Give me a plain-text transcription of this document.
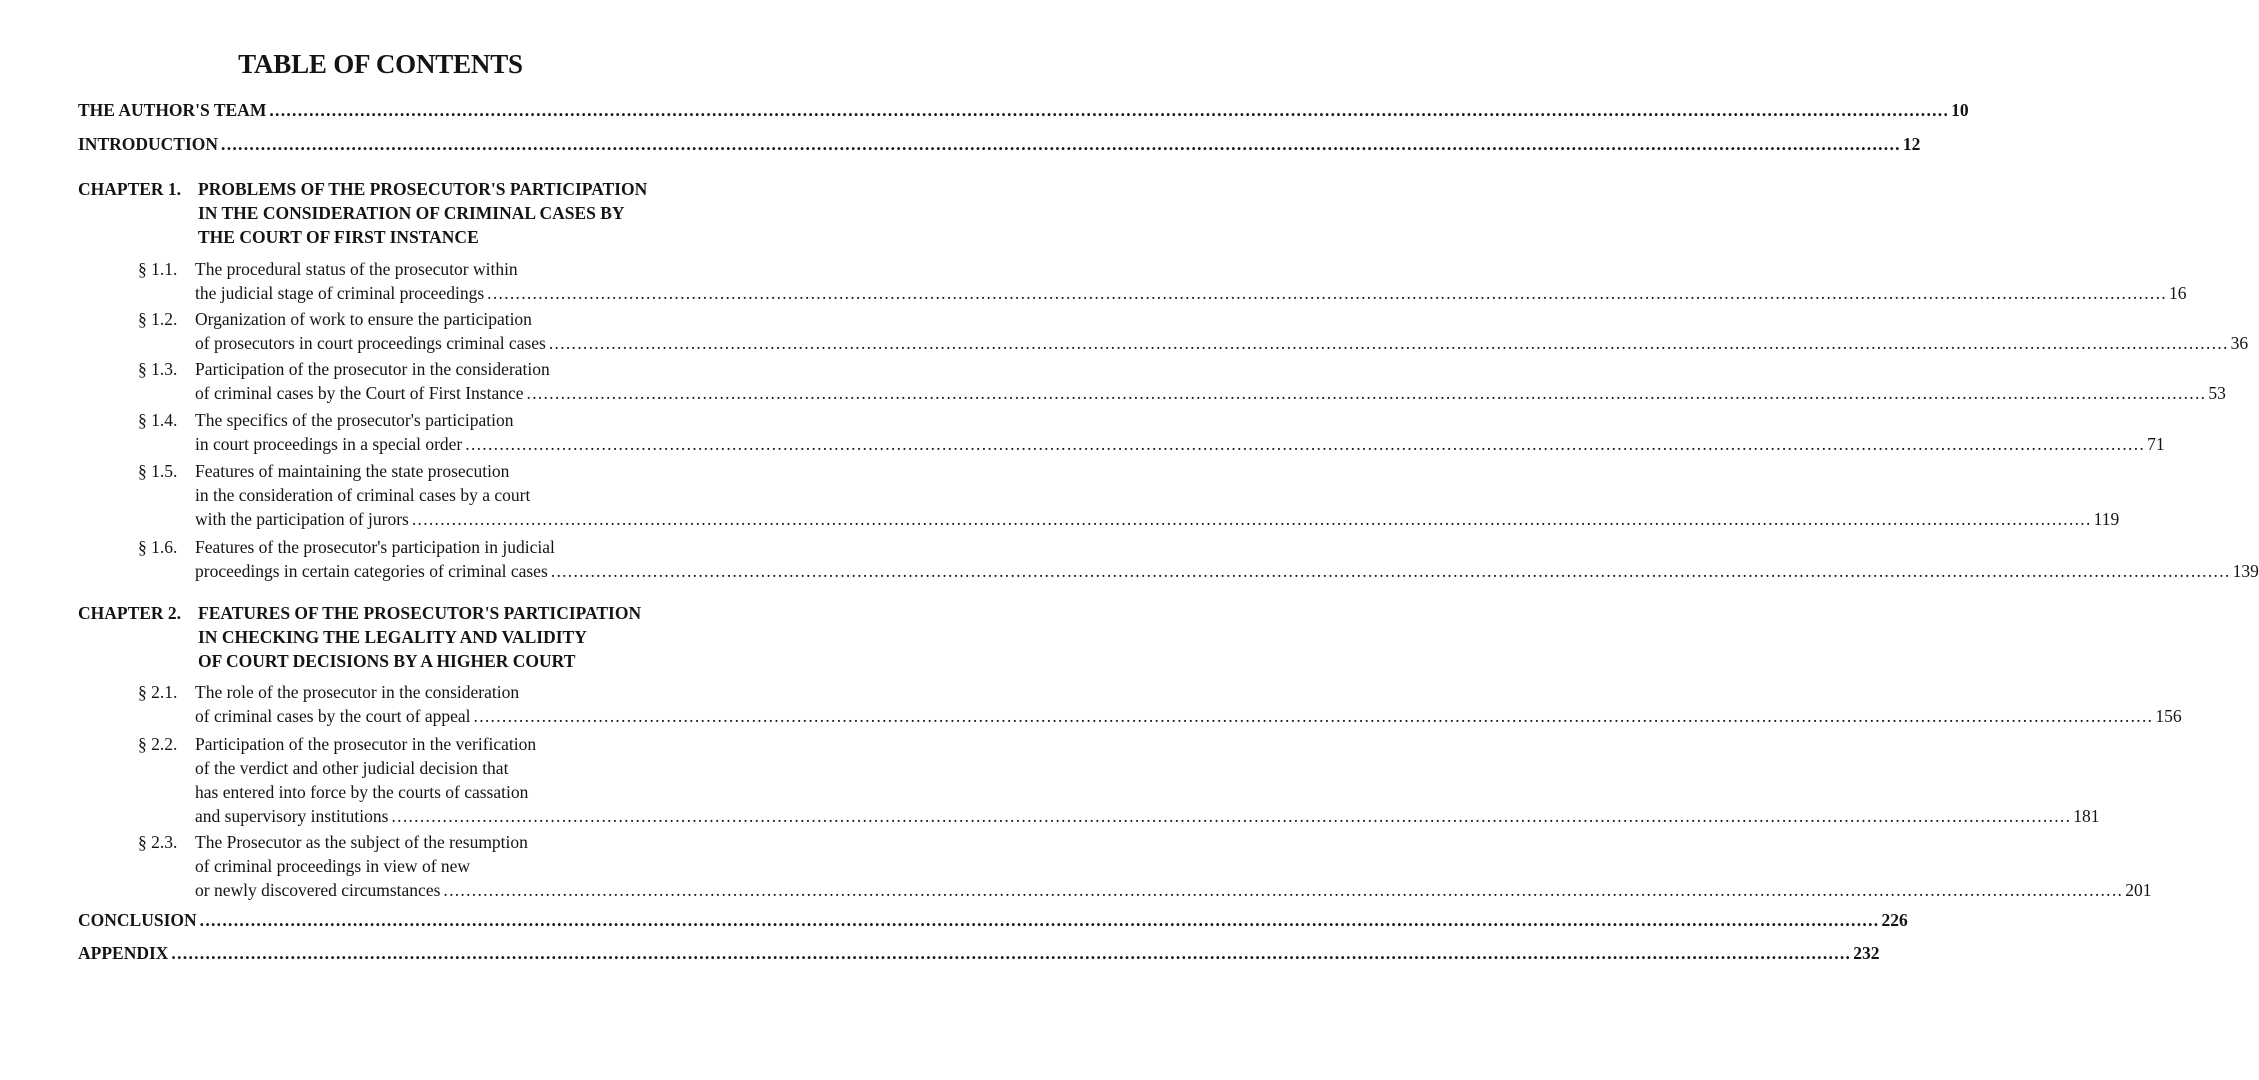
TABLE OF CONTENTS
THE AUTHOR'S TEAM .....	10
INTRODUCTION .....	12
CHAPTER 1. PROBLEMS OF THE PROSECUTOR'S PARTICIPATION
IN THE CONSIDERATION OF CRIMINAL CASES BY
THE COURT OF FIRST INSTANCE
§ 1.1.	The procedural status of the prosecutor within
the judicial stage of criminal proceedings .....	16
§ 1.2.	Organization of work to ensure the participation
of prosecutors in court proceedings criminal cases .....	36
§ 1.3.	Participation of the prosecutor in the consideration
of criminal cases by the Court of First Instance .....	53
§ 1.4.	The specifics of the prosecutor's participation
in court proceedings in a special order .....	71
§ 1.5.	Features of maintaining the state prosecution
in the consideration of criminal cases by a court
with the participation of jurors .....	119
§ 1.6.	Features of the prosecutor's participation in judicial
proceedings in certain categories of criminal cases .....	139
CHAPTER 2. FEATURES OF THE PROSECUTOR'S PARTICIPATION
IN CHECKING THE LEGALITY AND VALIDITY
OF COURT DECISIONS BY A HIGHER COURT
§ 2.1.	The role of the prosecutor in the consideration
of criminal cases by the court of appeal .....	156
§ 2.2.	Participation of the prosecutor in the verification
of the verdict and other judicial decision that
has entered into force by the courts of cassation
and supervisory institutions .....	181
§ 2.3.	The Prosecutor as the subject of the resumption
of criminal proceedings in view of new
or newly discovered circumstances .....	201
CONCLUSION .....	226
APPENDIX .....	232
